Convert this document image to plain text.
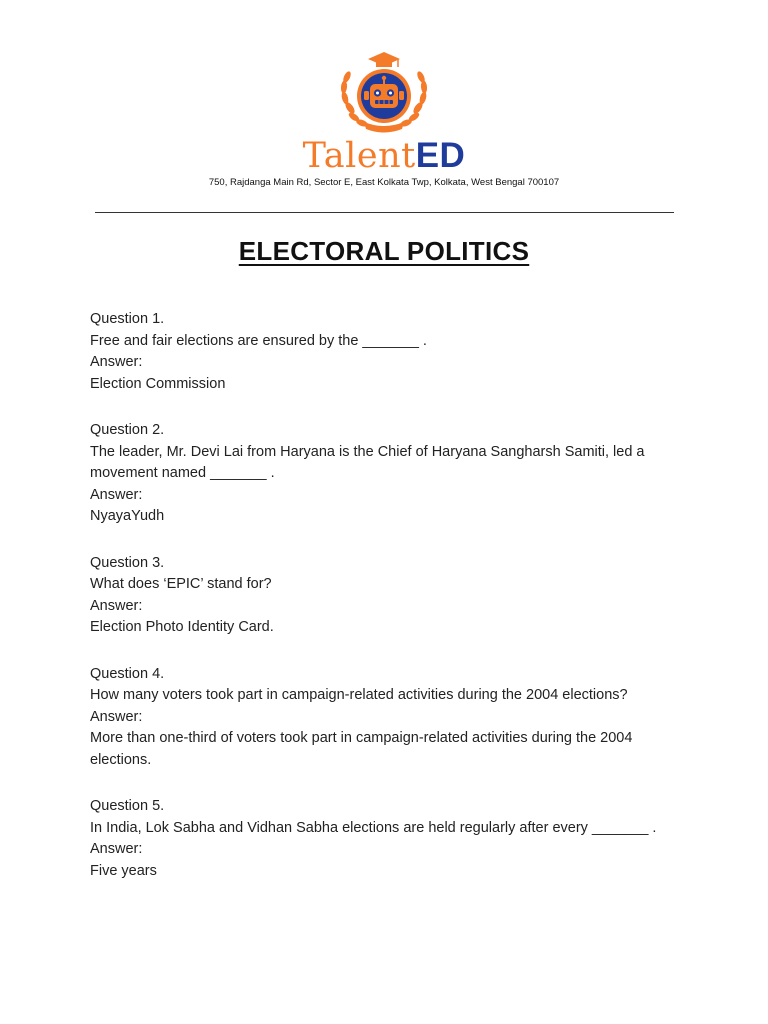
TalentED
750, Rajdanga Main Rd, Sector E, East Kolkata Twp, Kolkata, West Bengal 700107
ELECTORAL POLITICS

Question 1.

Free and fair elections are ensured by the _______ .

Answer:

Election Commission

Question 2.

The leader, Mr. Devi Lai from Haryana is the Chief of Haryana Sangharsh Samiti, led a movement named _______ .

Answer:

NyayaYudh

Question 3.

What does ‘EPIC’ stand for?

Answer:

Election Photo Identity Card.

Question 4.

How many voters took part in campaign-related activities during the 2004 elections?

Answer:

More than one-third of voters took part in campaign-related activities during the 2004 elections.

Question 5.

In India, Lok Sabha and Vidhan Sabha elections are held regularly after every _______ .

Answer:

Five years
